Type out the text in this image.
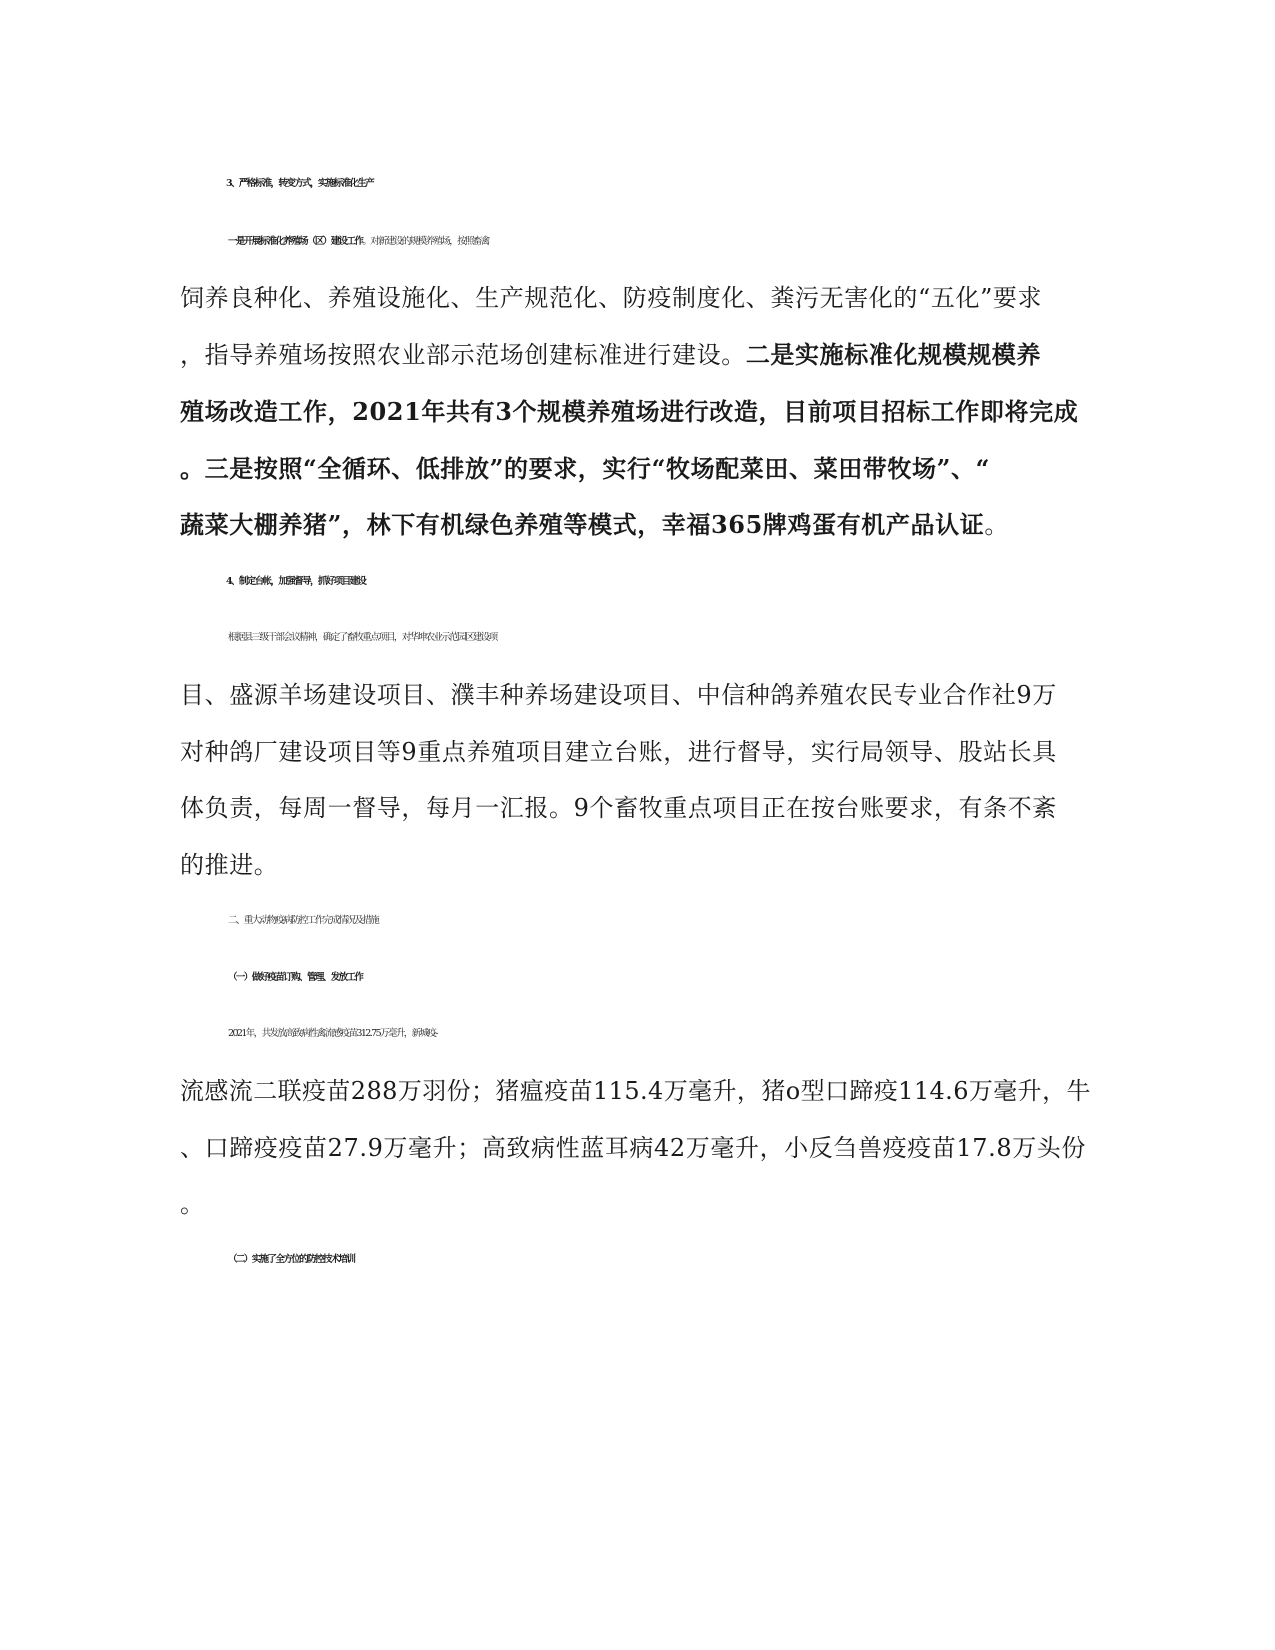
3、严格标准，转变方式，实施标准化生产
一是开展标准化养殖场（区）建设工作。对新建设的规模养殖场，按照畜禽
饲养良种化、养殖设施化、生产规范化、防疫制度化、粪污无害化的“五化”要求
，指导养殖场按照农业部示范场创建标准进行建设。二是实施标准化规模规模养
殖场改造工作，2021年共有3个规模养殖场进行改造，目前项目招标工作即将完成
。三是按照“全循环、低排放”的要求，实行“牧场配菜田、菜田带牧场”、“
蔬菜大棚养猪”，林下有机绿色养殖等模式，幸福365牌鸡蛋有机产品认证。
4、制定台帐，加强督导，抓好项目建设
根据县三级干部会议精神，确定了畜牧重点项目，对华坤农业示范园区建设项
目、盛源羊场建设项目、濮丰种养场建设项目、中信种鸽养殖农民专业合作社9万
对种鸽厂建设项目等9重点养殖项目建立台账，进行督导，实行局领导、股站长具
体负责，每周一督导，每月一汇报。9个畜牧重点项目正在按台账要求，有条不紊
的推进。
二、重大动物疫病防控工作完成情况及措施
（一）做好疫苗订购、管理、发放工作
2021年，共发放高致病性禽流感疫苗312.75万毫升，新城疫-
流感流二联疫苗288万羽份；猪瘟疫苗115.4万毫升，猪o型口蹄疫114.6万毫升，牛
、口蹄疫疫苗27.9万毫升；高致病性蓝耳病42万毫升，小反刍兽疫疫苗17.8万头份
。
（二）实施了全方位的防控技术培训
